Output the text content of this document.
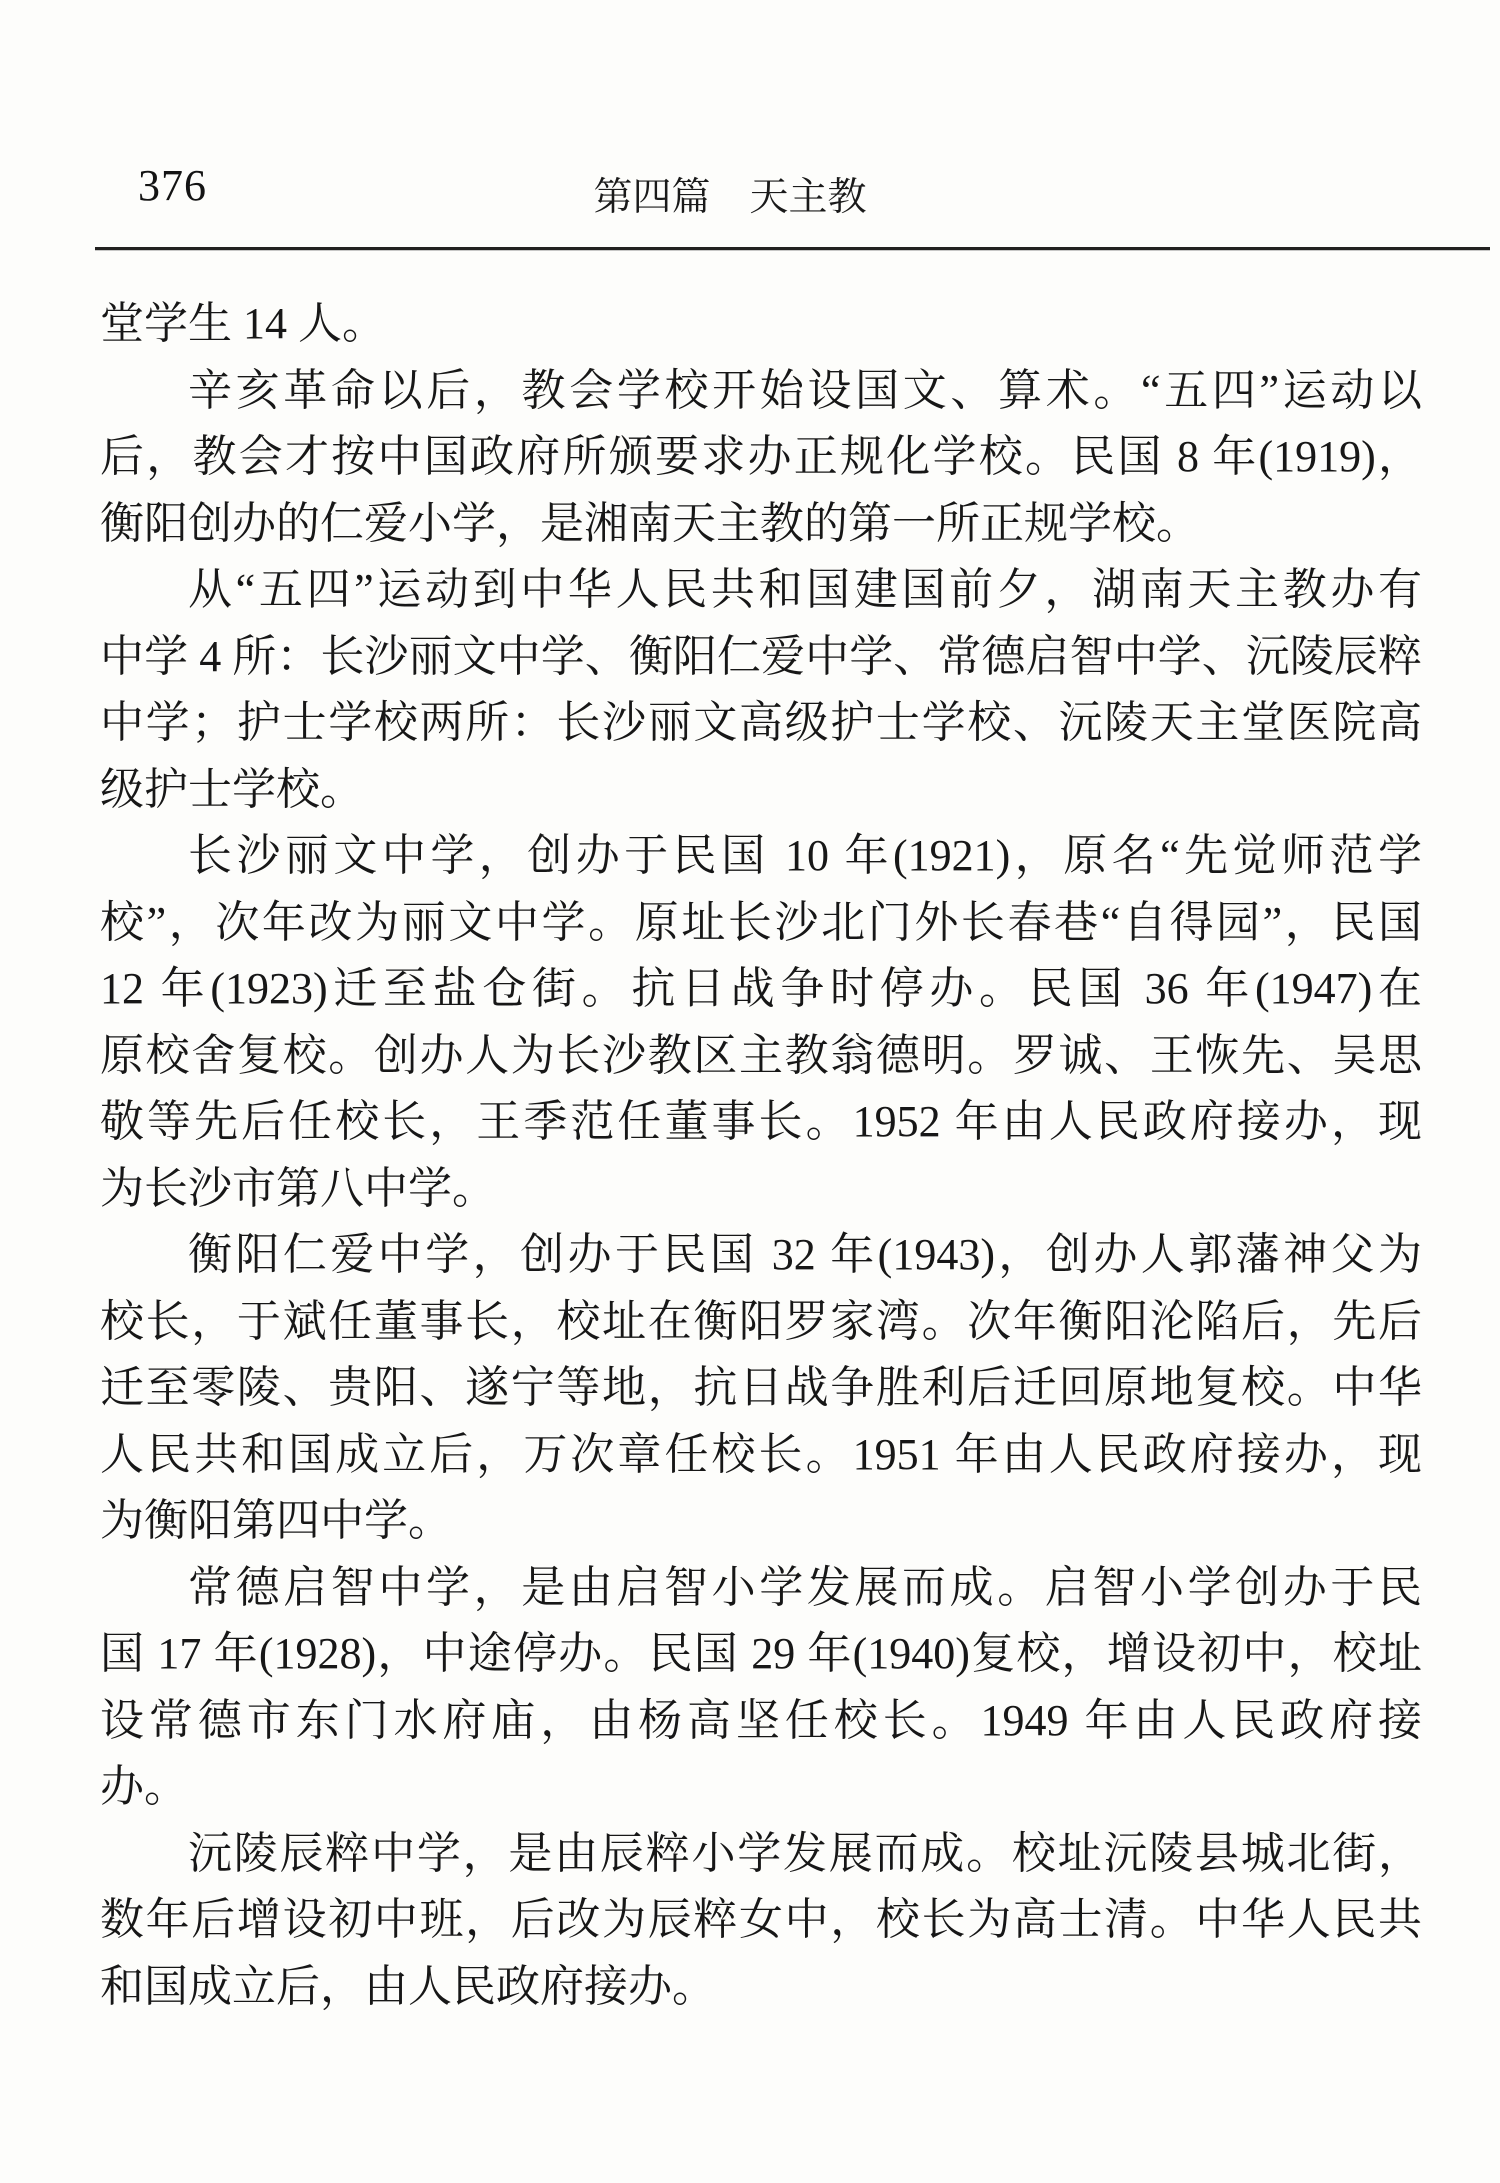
376	第四篇　天主教
堂学生 14 人。
辛亥革命以后，教会学校开始设国文、算术。“五四”运动以
后，教会才按中国政府所颁要求办正规化学校。民国 8 年(1919)，
衡阳创办的仁爱小学，是湘南天主教的第一所正规学校。
从“五四”运动到中华人民共和国建国前夕，湖南天主教办有
中学 4 所：长沙丽文中学、衡阳仁爱中学、常德启智中学、沅陵辰粹
中学；护士学校两所：长沙丽文高级护士学校、沅陵天主堂医院高
级护士学校。
长沙丽文中学，创办于民国 10 年(1921)，原名“先觉师范学
校”，次年改为丽文中学。原址长沙北门外长春巷“自得园”，民国
12 年(1923)迁至盐仓街。抗日战争时停办。民国 36 年(1947)在
原校舍复校。创办人为长沙教区主教翁德明。罗诚、王恢先、吴思
敬等先后任校长，王季范任董事长。1952 年由人民政府接办，现
为长沙市第八中学。
衡阳仁爱中学，创办于民国 32 年(1943)，创办人郭藩神父为
校长，于斌任董事长，校址在衡阳罗家湾。次年衡阳沦陷后，先后
迁至零陵、贵阳、遂宁等地，抗日战争胜利后迁回原地复校。中华
人民共和国成立后，万次章任校长。1951 年由人民政府接办，现
为衡阳第四中学。
常德启智中学，是由启智小学发展而成。启智小学创办于民
国 17 年(1928)，中途停办。民国 29 年(1940)复校，增设初中，校址
设常德市东门水府庙，由杨高坚任校长。1949 年由人民政府接
办。
沅陵辰粹中学，是由辰粹小学发展而成。校址沅陵县城北街，
数年后增设初中班，后改为辰粹女中，校长为高士清。中华人民共
和国成立后，由人民政府接办。
